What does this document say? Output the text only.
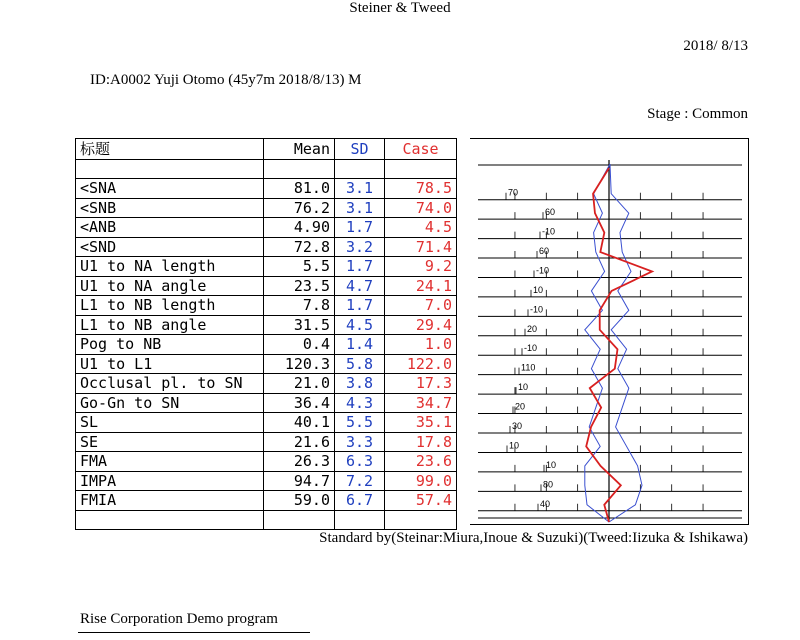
Steiner & Tweed
2018/ 8/13
ID:A0002 Yuji Otomo (45y7m 2018/8/13) M
Stage : Common
标题	Mean	SD	Case

<SNA	81.0	3.1	78.5
<SNB	76.2	3.1	74.0
<ANB	4.90	1.7	4.5
<SND	72.8	3.2	71.4
U1 to NA length	5.5	1.7	9.2
U1 to NA angle	23.5	4.7	24.1
L1 to NB length	7.8	1.7	7.0
L1 to NB angle	31.5	4.5	29.4
Pog to NB	0.4	1.4	1.0
U1 to L1	120.3	5.8	122.0
Occlusal pl. to SN	21.0	3.8	17.3
Go-Gn to SN	36.4	4.3	34.7
SL	40.1	5.5	35.1
SE	21.6	3.3	17.8
FMA	26.3	6.3	23.6
IMPA	94.7	7.2	99.0
FMIA	59.0	6.7	57.4

70
60
-10
60
-10
10
-10
20
-10
110
10
20
30
10
10
80
40
Standard by(Steinar:Miura,Inoue & Suzuki)(Tweed:Iizuka & Ishikawa)
Rise Corporation Demo program
